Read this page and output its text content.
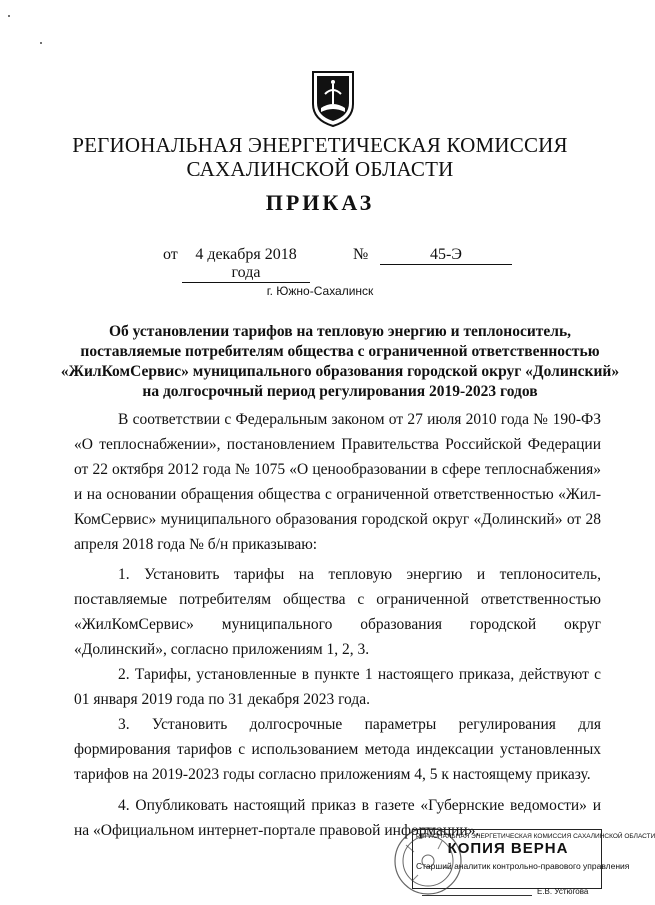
РЕГИОНАЛЬНАЯ ЭНЕРГЕТИЧЕСКАЯ КОМИССИЯ
САХАЛИНСКОЙ ОБЛАСТИ
ПРИКАЗ
от	4 декабря 2018 года
№	45-Э
г. Южно-Сахалинск
Об установлении тарифов на тепловую энергию и теплоноситель, поставляемые потребителям общества с ограниченной ответственностью «ЖилКомСервис» муниципального образования городской округ «Долинский» на долгосрочный период регулирования 2019-2023 годов

В соответствии с Федеральным законом от 27 июля 2010 года № 190-ФЗ «О теплоснабжении», постановлением Правительства Российской Федерации от 22 октября 2012 года № 1075 «О ценообразовании в сфере теплоснабжения» и на основании обращения общества с ограниченной ответственностью «Жил-КомСервис» муниципального образования городской округ «Долинский» от 28 апреля 2018 года № б/н приказываю:

1. Установить тарифы на тепловую энергию и теплоноситель, поставляемые потребителям общества с ограниченной ответственностью «ЖилКомСервис» муниципального образования городской округ «Долинский», согласно приложениям 1, 2, 3.

2. Тарифы, установленные в пункте 1 настоящего приказа, действуют с 01 января 2019 года по 31 декабря 2023 года.

3. Установить долгосрочные параметры регулирования для формирования тарифов с использованием метода индексации установленных тарифов на 2019-2023 годы согласно приложениям 4, 5 к настоящему приказу.

4. Опубликовать настоящий приказ в газете «Губернские ведомости» и на «Официальном интернет-портале правовой информации».

РЕГИОНАЛЬНАЯ ЭНЕРГЕТИЧЕСКАЯ КОМИССИЯ САХАЛИНСКОЙ ОБЛАСТИ
КОПИЯ ВЕРНА
Старший аналитик контрольно-правового управления
Е.В. Устюгова
